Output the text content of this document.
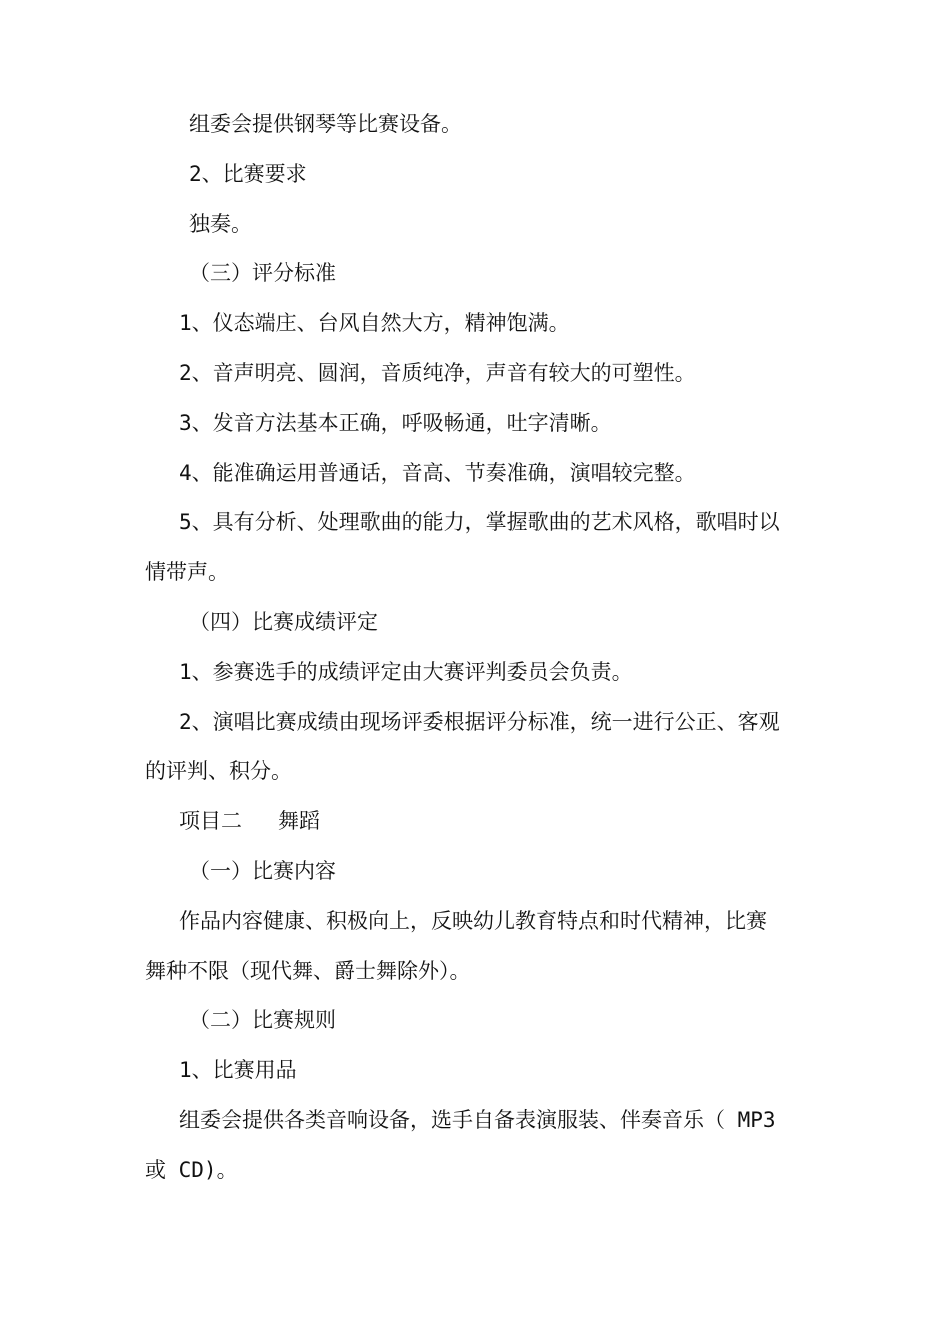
组委会提供钢琴等比赛设备。
2、比赛要求
独奏。
（三）评分标准
1、仪态端庄、台风自然大方，精神饱满。
2、音声明亮、圆润，音质纯净，声音有较大的可塑性。
3、发音方法基本正确，呼吸畅通，吐字清晰。
4、能准确运用普通话，音高、节奏准确，演唱较完整。
5、具有分析、处理歌曲的能力，掌握歌曲的艺术风格，歌唱时以
情带声。
（四）比赛成绩评定
1、参赛选手的成绩评定由大赛评判委员会负责。
2、演唱比赛成绩由现场评委根据评分标准，统一进行公正、客观
的评判、积分。
项目二 舞蹈
（一）比赛内容
作品内容健康、积极向上，反映幼儿教育特点和时代精神，比赛
舞种不限（现代舞、爵士舞除外）。
（二）比赛规则
1、比赛用品
组委会提供各类音响设备，选手自备表演服装、伴奏音乐（ MP3
或 CD)。
